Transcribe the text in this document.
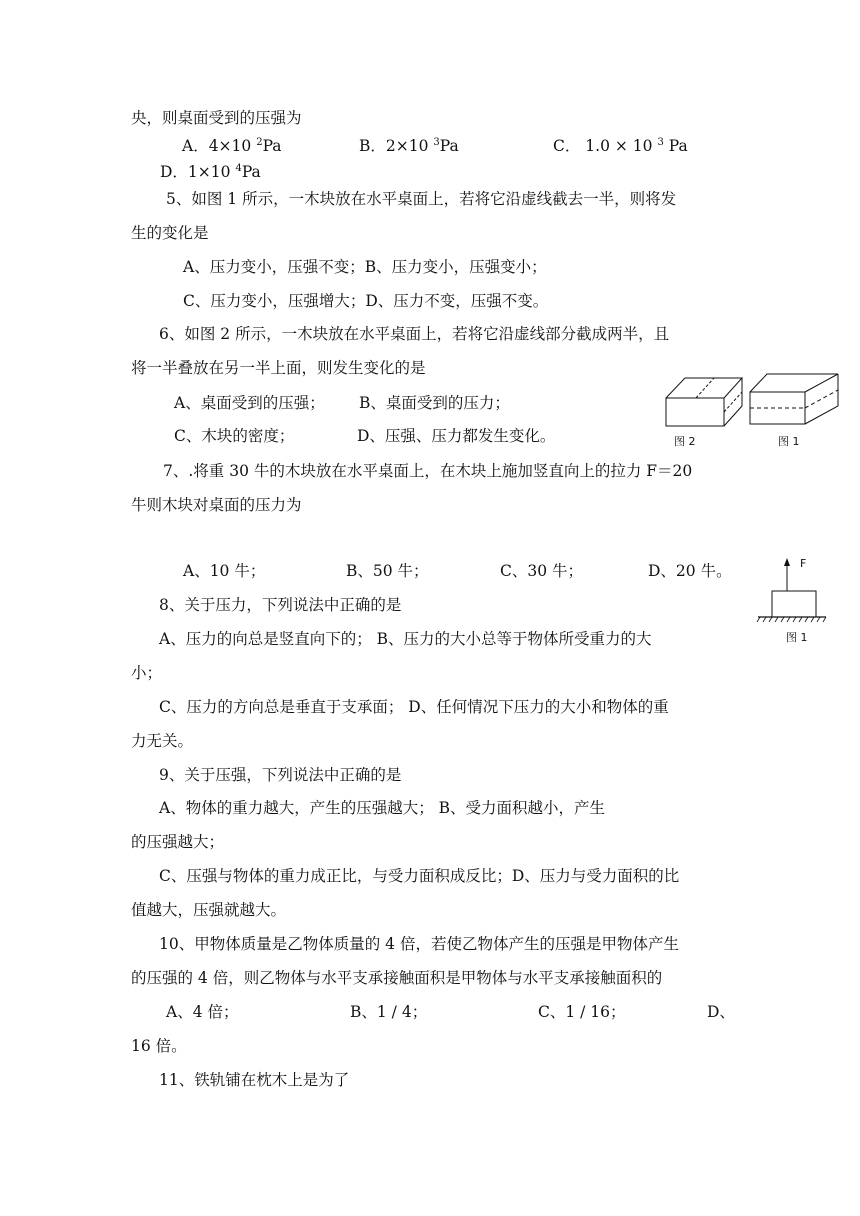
央，则桌面受到的压强为
A．4×10 $^2$Pa	B．2×10 $^3$Pa	C． 1.0 × 10 $^3$ Pa
D．1×10 $^4$Pa
5、如图 1 所示，一木块放在水平桌面上，若将它沿虚线截去一半，则将发
生的变化是
A、压力变小，压强不变；B、压力变小，压强变小；
C、压力变小，压强增大；D、压力不变，压强不变。
6、如图 2 所示，一木块放在水平桌面上，若将它沿虚线部分截成两半，且
将一半叠放在另一半上面，则发生变化的是
A、桌面受到的压强； B、桌面受到的压力；
C、木块的密度；	D、压强、压力都发生变化。	图 2	图 1
7、.将重 30 牛的木块放在水平桌面上，在木块上施加竖直向上的拉力 F＝20
牛则木块对桌面的压力为
A、10 牛；	B、50 牛；	C、30 牛；	D、20 牛。	F
图 1
8、关于压力，下列说法中正确的是
A、压力的向总是竖直向下的； B、压力的大小总等于物体所受重力的大
小；
C、压力的方向总是垂直于支承面； D、任何情况下压力的大小和物体的重
力无关。
9、关于压强，下列说法中正确的是
A、物体的重力越大，产生的压强越大； B、受力面积越小，产生
的压强越大；
C、压强与物体的重力成正比，与受力面积成反比；D、压力与受力面积的比
值越大，压强就越大。
10、甲物体质量是乙物体质量的 4 倍，若使乙物体产生的压强是甲物体产生
的压强的 4 倍，则乙物体与水平支承接触面积是甲物体与水平支承接触面积的
A、4 倍；	B、1 / 4；	C、1 / 16；	D、
16 倍。
11、铁轨铺在枕木上是为了
